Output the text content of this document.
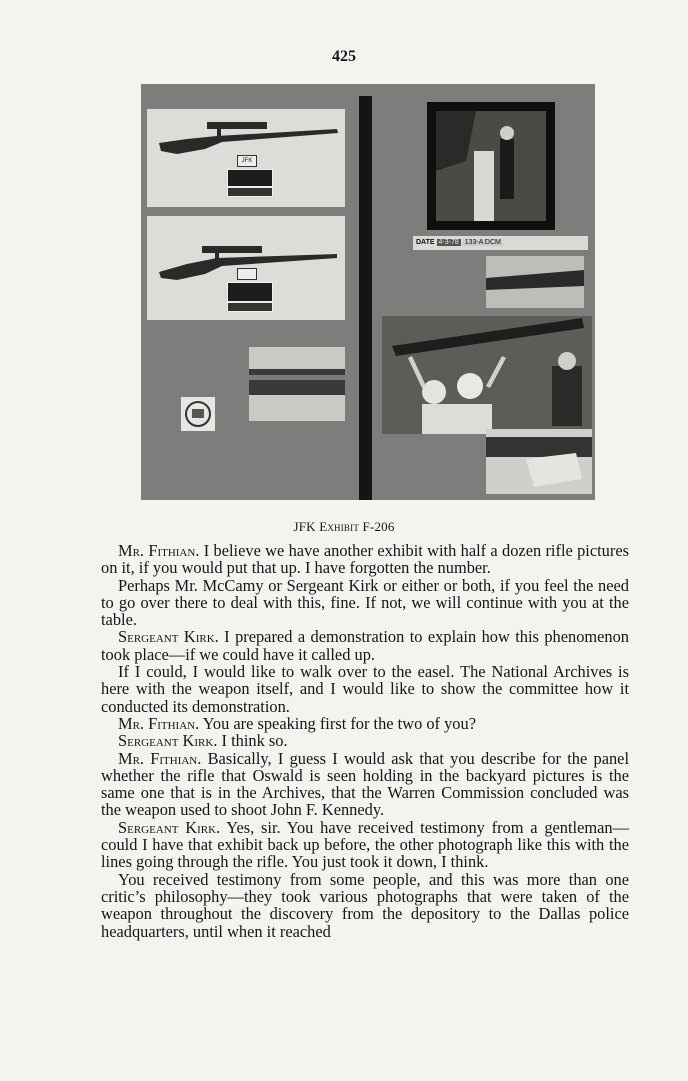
425
JFK
DATE 4-3-78 133-A DCM
JFK Exhibit F-206

Mr. Fithian. I believe we have another exhibit with half a dozen rifle pictures on it, if you would put that up. I have forgotten the number.

Perhaps Mr. McCamy or Sergeant Kirk or either or both, if you feel the need to go over there to deal with this, fine. If not, we will continue with you at the table.

Sergeant Kirk. I prepared a demonstration to explain how this phenomenon took place—if we could have it called up.

If I could, I would like to walk over to the easel. The National Archives is here with the weapon itself, and I would like to show the committee how it conducted its demonstration.

Mr. Fithian. You are speaking first for the two of you?

Sergeant Kirk. I think so.

Mr. Fithian. Basically, I guess I would ask that you describe for the panel whether the rifle that Oswald is seen holding in the backyard pictures is the same one that is in the Archives, that the Warren Commission concluded was the weapon used to shoot John F. Kennedy.

Sergeant Kirk. Yes, sir. You have received testimony from a gentleman—could I have that exhibit back up before, the other photograph like this with the lines going through the rifle. You just took it down, I think.

You received testimony from some people, and this was more than one critic’s philosophy—they took various photographs that were taken of the weapon throughout the discovery from the depository to the Dallas police headquarters, until when it reached
